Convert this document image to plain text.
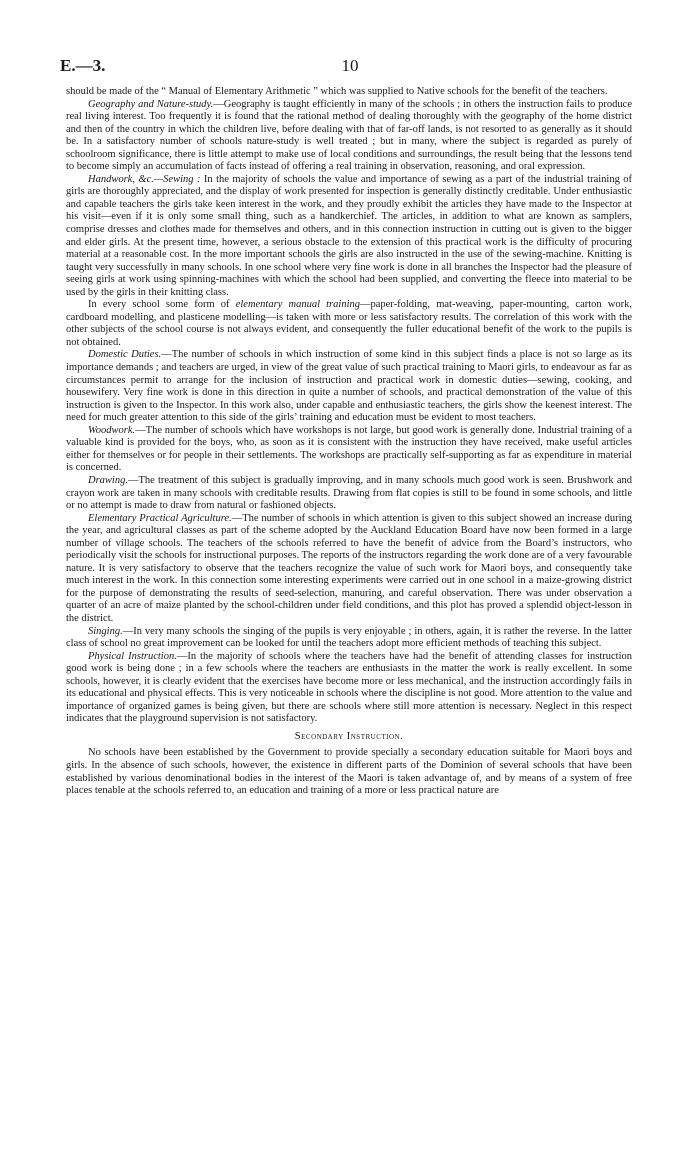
E.—3.	10

should be made of the “ Manual of Elementary Arithmetic ” which was supplied to Native schools for the benefit of the teachers.

Geography and Nature-study.—Geography is taught efficiently in many of the schools ; in others the instruction fails to produce real living interest. Too frequently it is found that the rational method of dealing thoroughly with the geography of the home district and then of the country in which the children live, before dealing with that of far-off lands, is not resorted to as generally as it should be. In a satisfactory number of schools nature-study is well treated ; but in many, where the subject is regarded as purely of schoolroom significance, there is little attempt to make use of local conditions and surroundings, the result being that the lessons tend to become simply an accumulation of facts instead of offering a real training in observation, reasoning, and oral expression.

Handwork, &c.—Sewing : In the majority of schools the value and importance of sewing as a part of the industrial training of girls are thoroughly appreciated, and the display of work presented for inspection is generally distinctly creditable. Under enthusiastic and capable teachers the girls take keen interest in the work, and they proudly exhibit the articles they have made to the Inspector at his visit—even if it is only some small thing, such as a handkerchief. The articles, in addition to what are known as samplers, comprise dresses and clothes made for themselves and others, and in this connection instruction in cutting out is given to the bigger and elder girls. At the present time, however, a serious obstacle to the extension of this practical work is the difficulty of procuring material at a reasonable cost. In the more important schools the girls are also instructed in the use of the sewing-machine. Knitting is taught very successfully in many schools. In one school where very fine work is done in all branches the Inspector had the pleasure of seeing girls at work using spinning-machines with which the school had been supplied, and converting the fleece into material to be used by the girls in their knitting class.

In every school some form of elementary manual training—paper-folding, mat-weaving, paper-mounting, carton work, cardboard modelling, and plasticene modelling—is taken with more or less satisfactory results. The correlation of this work with the other subjects of the school course is not always evident, and consequently the fuller educational benefit of the work to the pupils is not obtained.

Domestic Duties.—The number of schools in which instruction of some kind in this subject finds a place is not so large as its importance demands ; and teachers are urged, in view of the great value of such practical training to Maori girls, to endeavour as far as circumstances permit to arrange for the inclusion of instruction and practical work in domestic duties—sewing, cooking, and housewifery. Very fine work is done in this direction in quite a number of schools, and practical demonstration of the value of this instruction is given to the Inspector. In this work also, under capable and enthusiastic teachers, the girls show the keenest interest. The need for much greater attention to this side of the girls’ training and education must be evident to most teachers.

Woodwork.—The number of schools which have workshops is not large, but good work is generally done. Industrial training of a valuable kind is provided for the boys, who, as soon as it is consistent with the instruction they have received, make useful articles either for themselves or for people in their settlements. The workshops are practically self-supporting as far as expenditure in material is concerned.

Drawing.—The treatment of this subject is gradually improving, and in many schools much good work is seen. Brushwork and crayon work are taken in many schools with creditable results. Drawing from flat copies is still to be found in some schools, and little or no attempt is made to draw from natural or fashioned objects.

Elementary Practical Agriculture.—The number of schools in which attention is given to this subject showed an increase during the year, and agricultural classes as part of the scheme adopted by the Auckland Education Board have now been formed in a large number of village schools. The teachers of the schools referred to have the benefit of advice from the Board’s instructors, who periodically visit the schools for instructional purposes. The reports of the instructors regarding the work done are of a very favourable nature. It is very satisfactory to observe that the teachers recognize the value of such work for Maori boys, and consequently take much interest in the work. In this connection some interesting experiments were carried out in one school in a maize-growing district for the purpose of demonstrating the results of seed-selection, manuring, and careful observation. There was under observation a quarter of an acre of maize planted by the school-children under field conditions, and this plot has proved a splendid object-lesson in the district.

Singing.—In very many schools the singing of the pupils is very enjoyable ; in others, again, it is rather the reverse. In the latter class of school no great improvement can be looked for until the teachers adopt more efficient methods of teaching this subject.

Physical Instruction.—In the majority of schools where the teachers have had the benefit of attending classes for instruction good work is being done ; in a few schools where the teachers are enthusiasts in the matter the work is really excellent. In some schools, however, it is clearly evident that the exercises have become more or less mechanical, and the instruction accordingly fails in its educational and physical effects. This is very noticeable in schools where the discipline is not good. More attention to the value and importance of organized games is being given, but there are schools where still more attention is necessary. Neglect in this respect indicates that the playground supervision is not satisfactory.

Secondary Instruction.

No schools have been established by the Government to provide specially a secondary education suitable for Maori boys and girls. In the absence of such schools, however, the existence in different parts of the Dominion of several schools that have been established by various denominational bodies in the interest of the Maori is taken advantage of, and by means of a system of free places tenable at the schools referred to, an education and training of a more or less practical nature are
